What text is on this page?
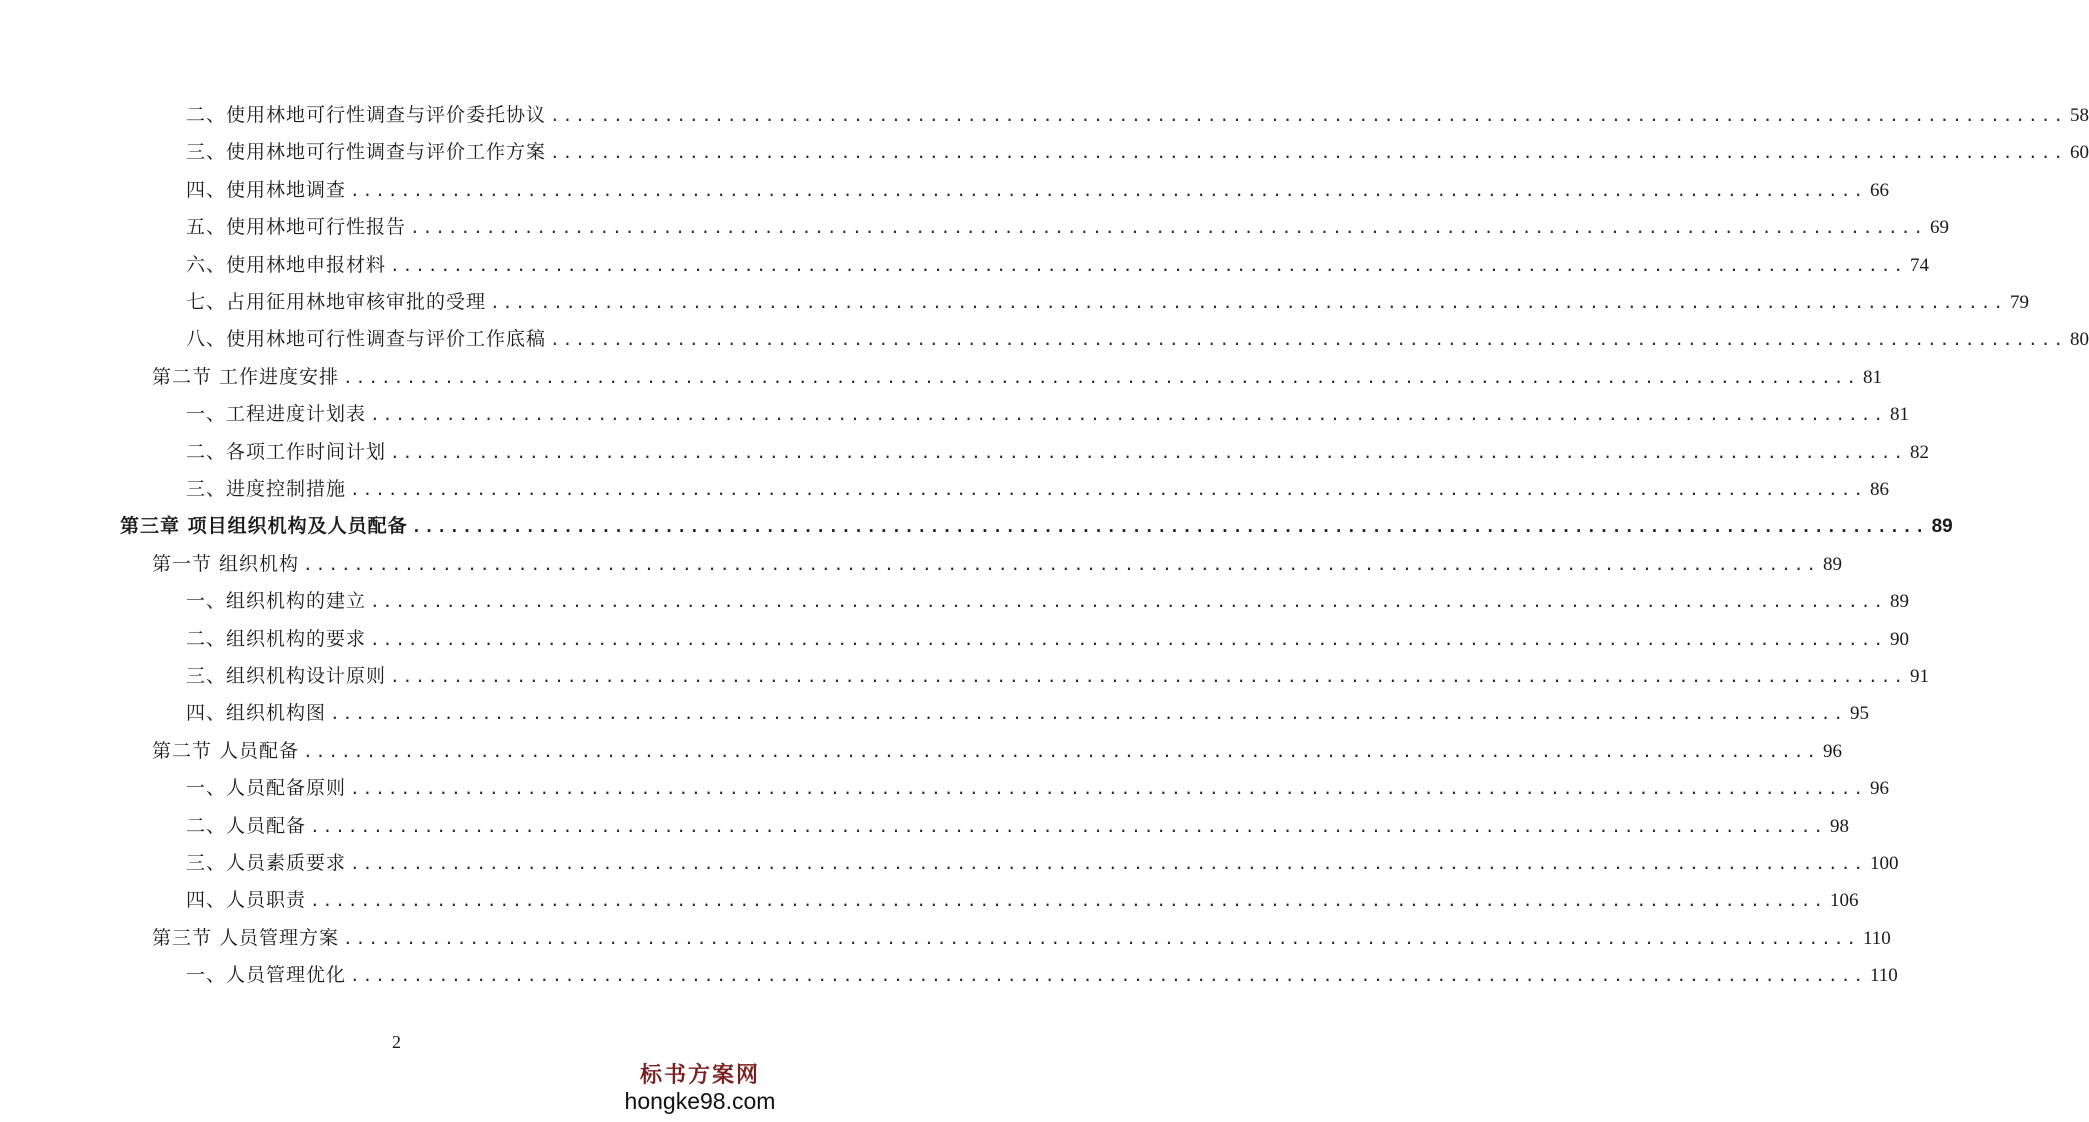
二、使用林地可行性调查与评价委托协议 ........................................................................................................................ 58
三、使用林地可行性调查与评价工作方案 ........................................................................................................................ 60
四、使用林地调查 ........................................................................................................................ 66
五、使用林地可行性报告 ........................................................................................................................ 69
六、使用林地申报材料 ........................................................................................................................ 74
七、占用征用林地审核审批的受理 ........................................................................................................................ 79
八、使用林地可行性调查与评价工作底稿 ........................................................................................................................ 80
第二节 工作进度安排 ........................................................................................................................ 81
一、工程进度计划表 ........................................................................................................................ 81
二、各项工作时间计划 ........................................................................................................................ 82
三、进度控制措施 ........................................................................................................................ 86
第三章 项目组织机构及人员配备 ........................................................................................................................ 89
第一节 组织机构 ........................................................................................................................ 89
一、组织机构的建立 ........................................................................................................................ 89
二、组织机构的要求 ........................................................................................................................ 90
三、组织机构设计原则 ........................................................................................................................ 91
四、组织机构图 ........................................................................................................................ 95
第二节 人员配备 ........................................................................................................................ 96
一、人员配备原则 ........................................................................................................................ 96
二、人员配备 ........................................................................................................................ 98
三、人员素质要求 ........................................................................................................................ 100
四、人员职责 ........................................................................................................................ 106
第三节 人员管理方案 ........................................................................................................................ 110
一、人员管理优化 ........................................................................................................................ 110
2
标书方案网
hongke98.com
